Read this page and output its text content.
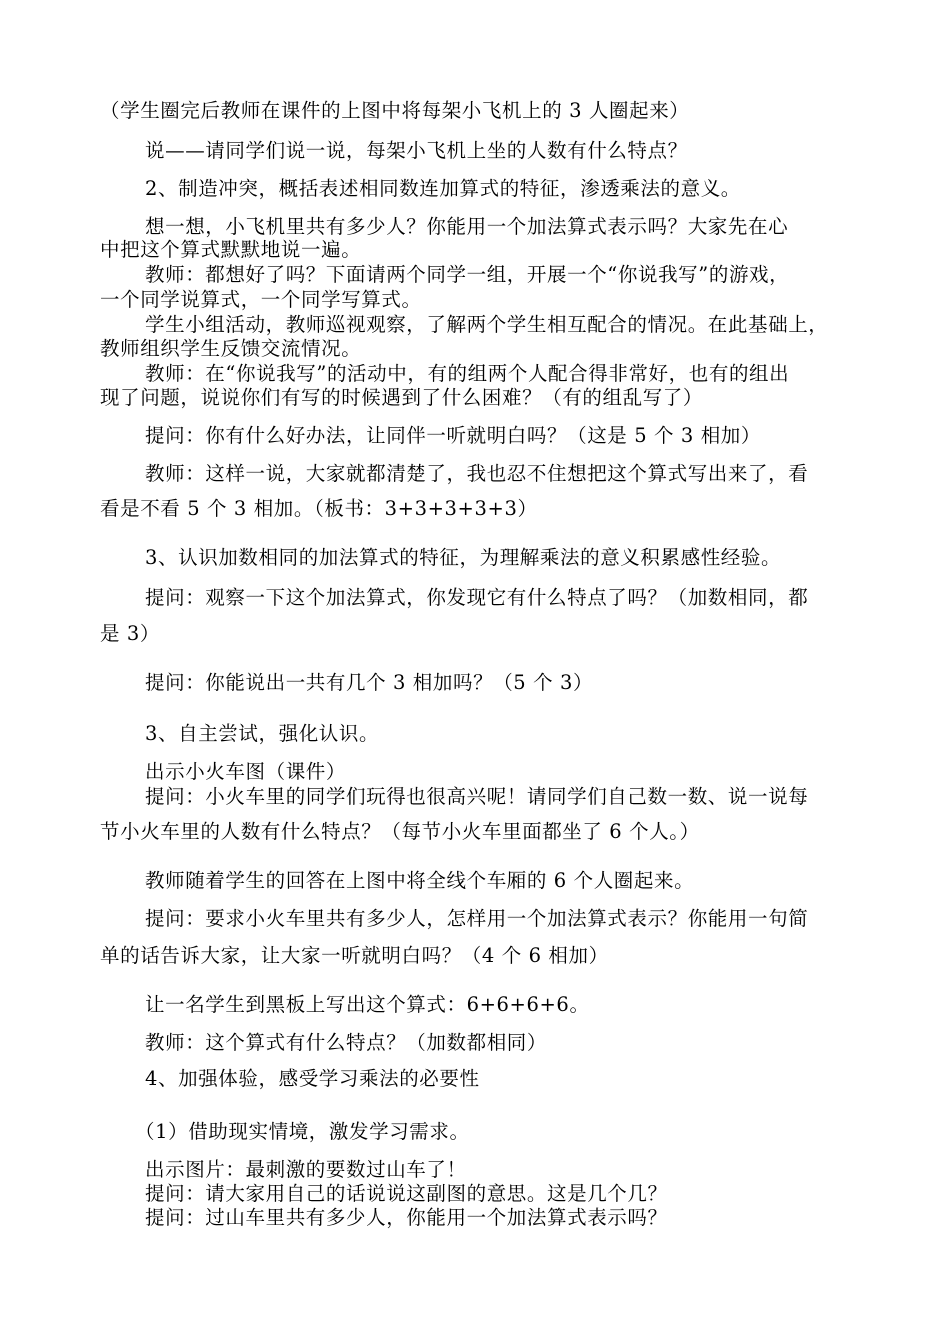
（学生圈完后教师在课件的上图中将每架小飞机上的 3 人圈起来）
说——请同学们说一说，每架小飞机上坐的人数有什么特点？
2、制造冲突，概括表述相同数连加算式的特征，渗透乘法的意义。
想一想，小飞机里共有多少人？你能用一个加法算式表示吗？大家先在心
中把这个算式默默地说一遍。
教师：都想好了吗？下面请两个同学一组，开展一个“你说我写”的游戏，
一个同学说算式，一个同学写算式。
学生小组活动，教师巡视观察，了解两个学生相互配合的情况。在此基础上，
教师组织学生反馈交流情况。
教师：在“你说我写”的活动中，有的组两个人配合得非常好，也有的组出
现了问题，说说你们有写的时候遇到了什么困难？（有的组乱写了）
提问：你有什么好办法，让同伴一听就明白吗？（这是 5 个 3 相加）
教师：这样一说，大家就都清楚了，我也忍不住想把这个算式写出来了，看
看是不看 5 个 3 相加。（板书：3+3+3+3+3）
3、认识加数相同的加法算式的特征，为理解乘法的意义积累感性经验。
提问：观察一下这个加法算式，你发现它有什么特点了吗？（加数相同，都
是 3）
提问：你能说出一共有几个 3 相加吗？（5 个 3）
3、自主尝试，强化认识。
出示小火车图（课件）
提问：小火车里的同学们玩得也很高兴呢！请同学们自己数一数、说一说每
节小火车里的人数有什么特点？（每节小火车里面都坐了 6 个人。）
教师随着学生的回答在上图中将全线个车厢的 6 个人圈起来。
提问：要求小火车里共有多少人，怎样用一个加法算式表示？你能用一句简
单的话告诉大家，让大家一听就明白吗？（4 个 6 相加）
让一名学生到黑板上写出这个算式：6+6+6+6。
教师：这个算式有什么特点？（加数都相同）
4、加强体验，感受学习乘法的必要性
（1）借助现实情境，激发学习需求。
出示图片：最刺激的要数过山车了！
提问：请大家用自己的话说说这副图的意思。这是几个几？
提问：过山车里共有多少人，你能用一个加法算式表示吗？
